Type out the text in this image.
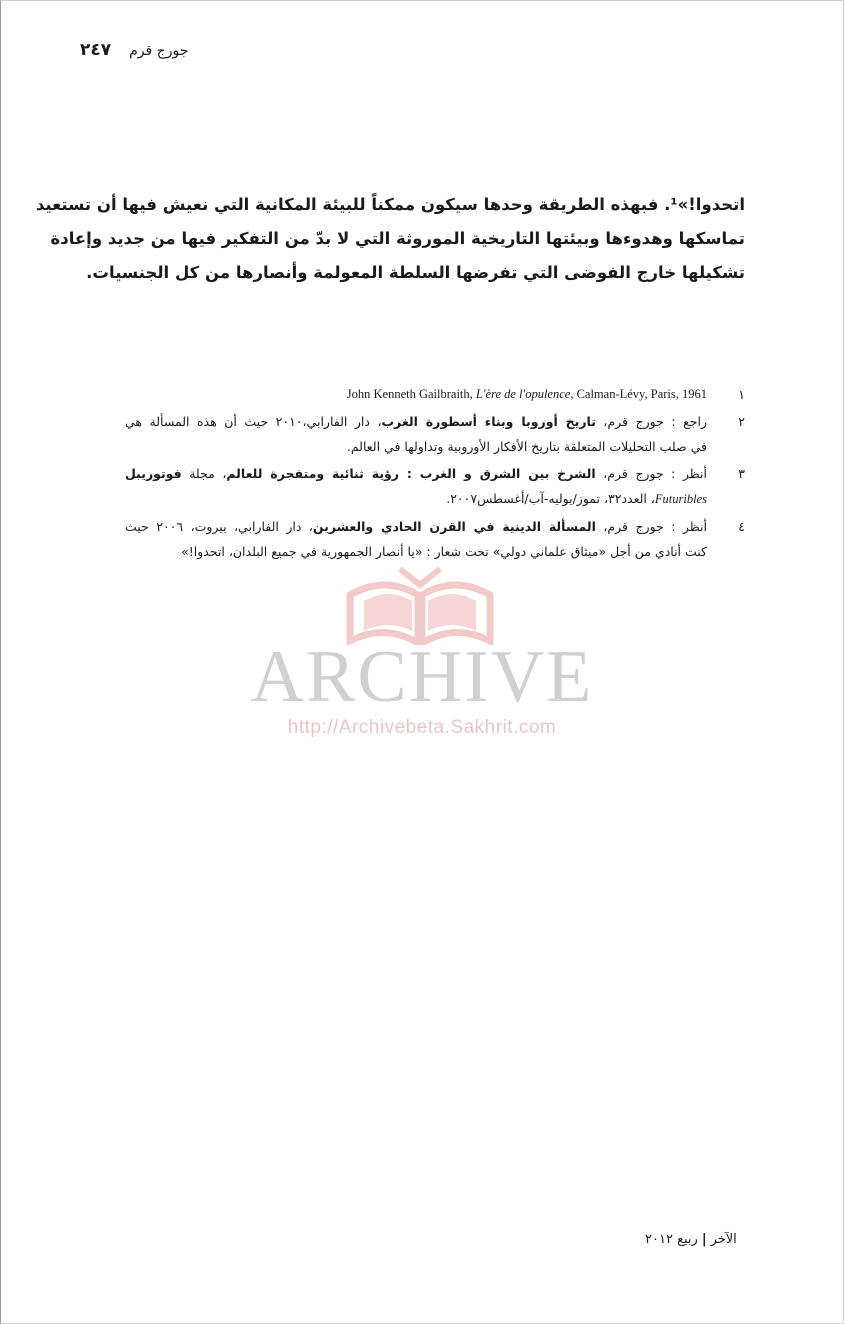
٢٤٧ جورج قرم
اتحدوا!»¹. فبهذه الطريقة وحدها سيكون ممكناً للبيئة المكانية التي نعيش فيها أن تستعيد
تماسكها وهدوءها وبيئتها التاريخية الموروثة التي لا بدّ من التفكير فيها من جديد وإعادة
تشكيلها خارج الفوضى التي تفرضها السلطة المعولمة وأنصارها من كل الجنسيات.
١
John Kenneth Gailbraith, L'ère de l'opulence, Calman-Lévy, Paris, 1961
٢
راجع : جورج قرم، تاريخ أوروبا وبناء أسطورة الغرب، دار الفارابي،٢٠١٠ حيث أن هذه المسألة هي
في صلب التحليلات المتعلقة بتاريخ الأفكار الأوروبية وتداولها في العالم.
٣
أنظر : جورج قرم، الشرخ بين الشرق و الغرب : رؤية ثنائية ومتفجرة للعالم، مجلة فوتوريبل
Futuribles، العدد٣٢، تموز/يوليه-آب/أغسطس٢٠٠٧.
٤
أنظر : جورج قرم، المسألة الدينية في القرن الحادي والعشرين، دار الفارابي، بيروت، ٢٠٠٦ حيث
كنت أنادي من أجل «ميثاق علماني دولي» تحت شعار : «يا أنصار الجمهورية في جميع البلدان، اتحدوا!»
ARCHIVE
http://Archivebeta.Sakhrit.com
الآخر|ربيع ٢٠١٢
